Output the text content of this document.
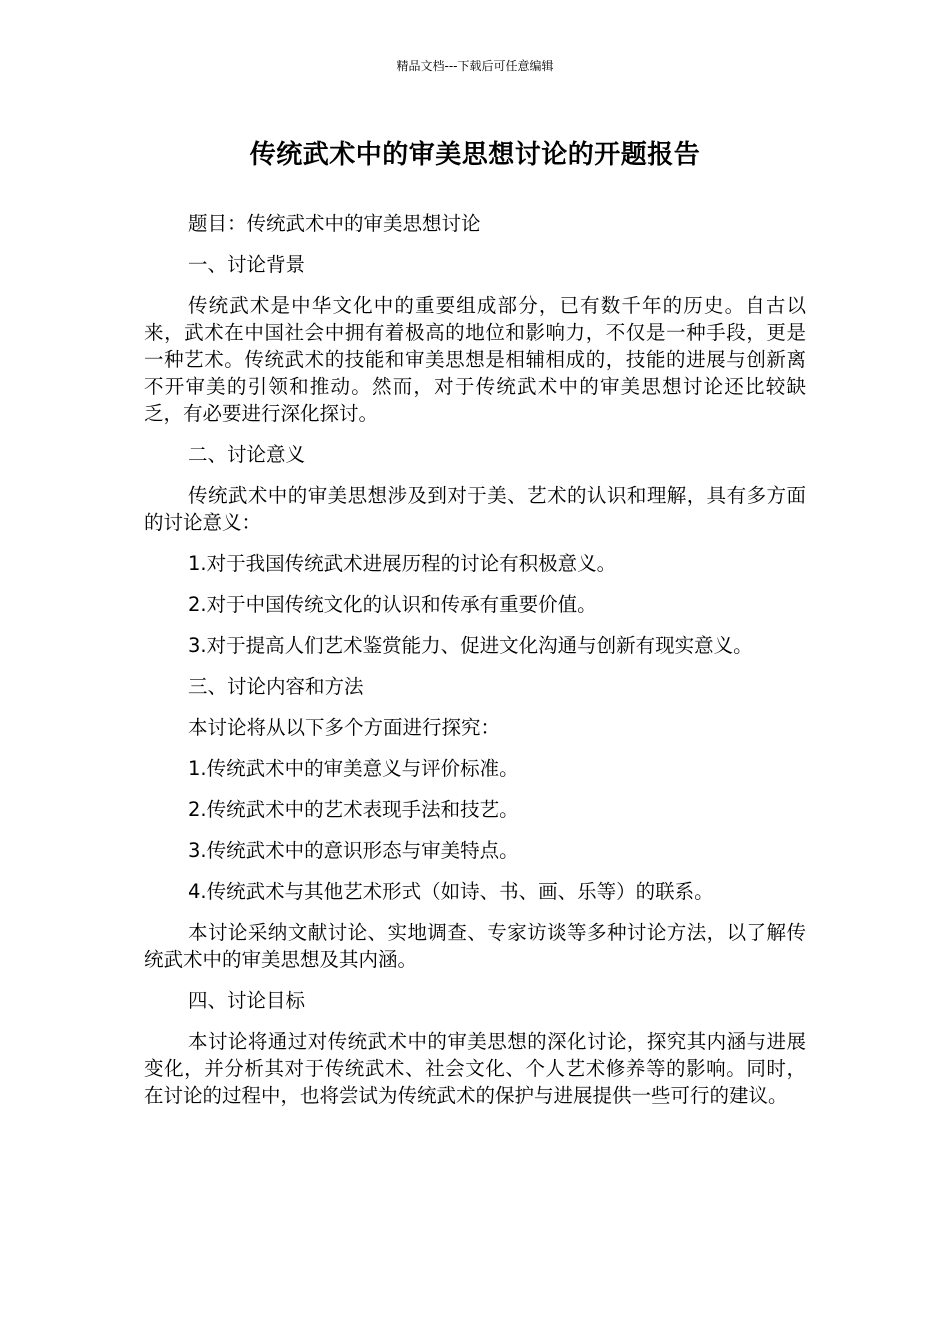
精品文档---下载后可任意编辑
传统武术中的审美思想讨论的开题报告

题目：传统武术中的审美思想讨论

一、讨论背景

传统武术是中华文化中的重要组成部分，已有数千年的历史。自古以来，武术在中国社会中拥有着极高的地位和影响力，不仅是一种手段，更是一种艺术。传统武术的技能和审美思想是相辅相成的，技能的进展与创新离不开审美的引领和推动。然而，对于传统武术中的审美思想讨论还比较缺乏，有必要进行深化探讨。

二、讨论意义

传统武术中的审美思想涉及到对于美、艺术的认识和理解，具有多方面的讨论意义：

1.对于我国传统武术进展历程的讨论有积极意义。

2.对于中国传统文化的认识和传承有重要价值。

3.对于提高人们艺术鉴赏能力、促进文化沟通与创新有现实意义。

三、讨论内容和方法

本讨论将从以下多个方面进行探究：

1.传统武术中的审美意义与评价标准。

2.传统武术中的艺术表现手法和技艺。

3.传统武术中的意识形态与审美特点。

4.传统武术与其他艺术形式（如诗、书、画、乐等）的联系。

本讨论采纳文献讨论、实地调查、专家访谈等多种讨论方法，以了解传统武术中的审美思想及其内涵。

四、讨论目标

本讨论将通过对传统武术中的审美思想的深化讨论，探究其内涵与进展变化，并分析其对于传统武术、社会文化、个人艺术修养等的影响。同时，在讨论的过程中，也将尝试为传统武术的保护与进展提供一些可行的建议。
